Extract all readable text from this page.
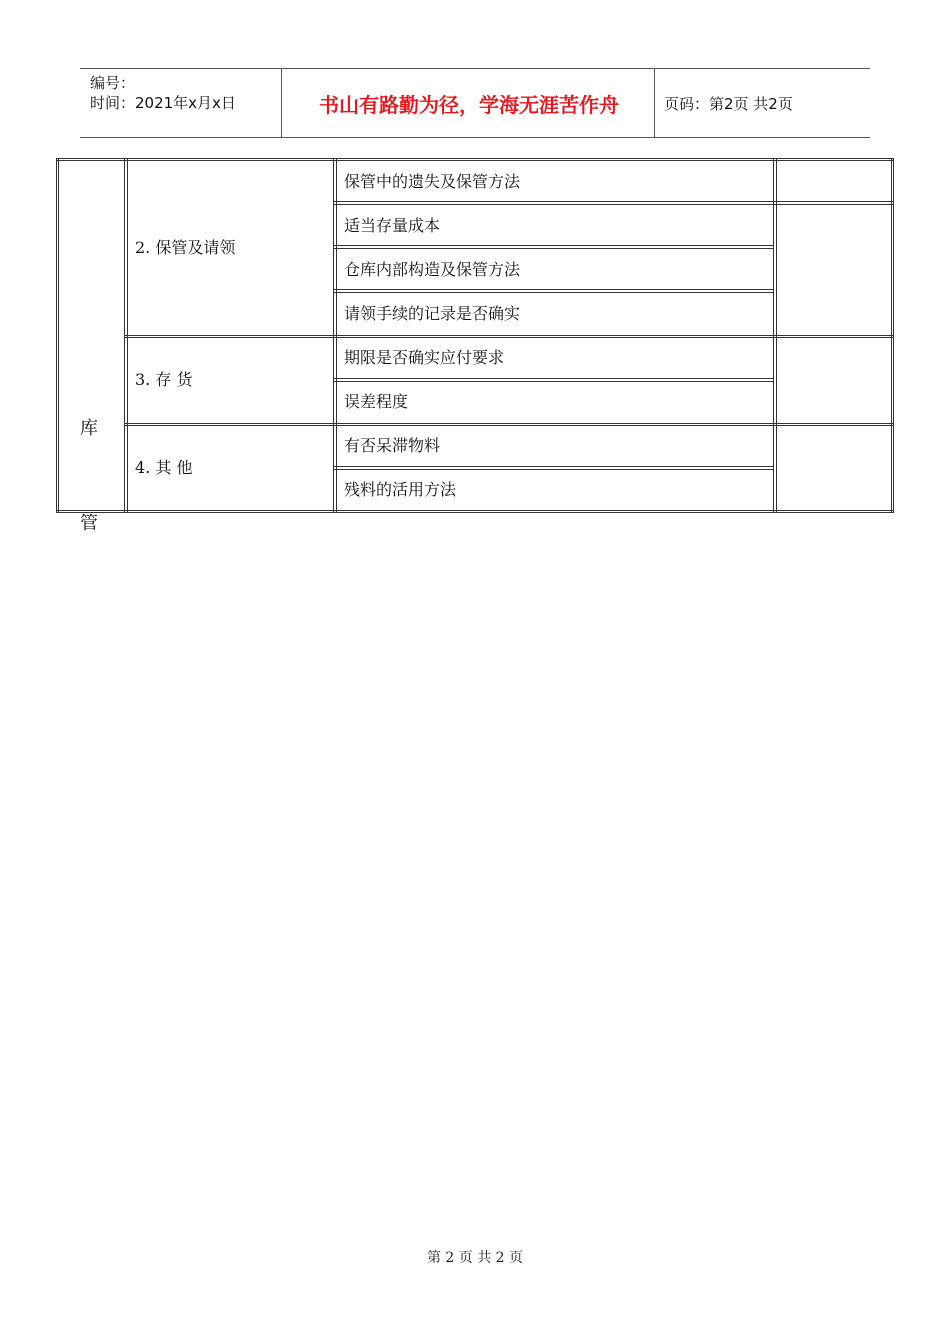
编号：
时间：2021年x月x日	书山有路勤为径，学海无涯苦作舟	页码：第2页 共2页
2. 保管及请领
3. 存 货
4. 其 他
保管中的遗失及保管方法
适当存量成本
仓库内部构造及保管方法
请领手续的记录是否确实
期限是否确实应付要求
误差程度
有否呆滞物料
残料的活用方法
库
管
第 2 页 共 2 页
